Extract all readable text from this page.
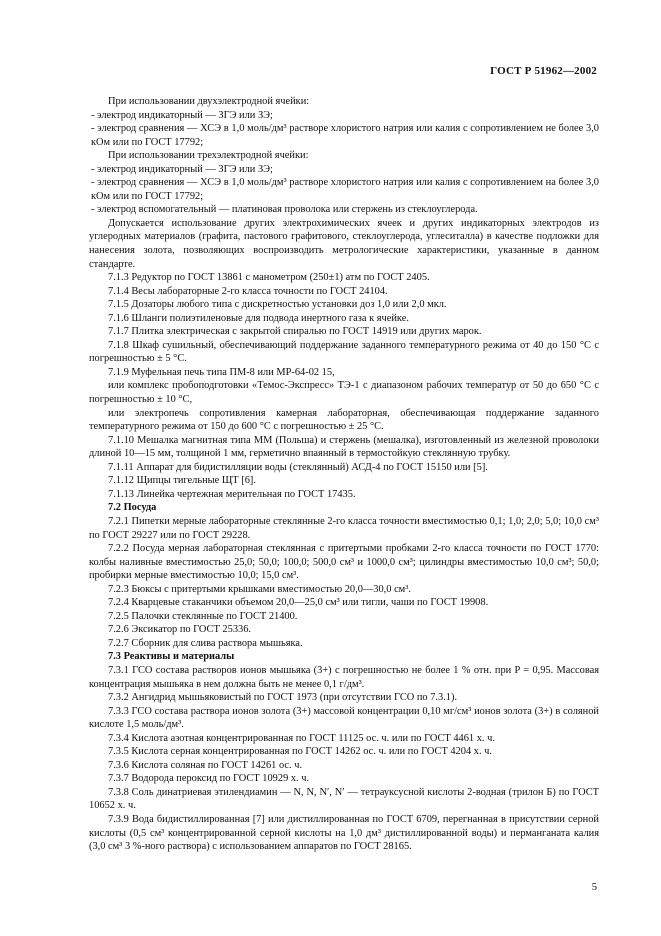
ГОСТ Р 51962—2002

При использовании двухэлектродной ячейки:

- электрод индикаторный — ЗГЭ или ЗЭ;

- электрод сравнения — ХСЭ в 1,0 моль/дм³ растворе хлористого натрия или калия с сопротивлением не более 3,0 кОм или по ГОСТ 17792;

При использовании трехэлектродной ячейки:

- электрод индикаторный — ЗГЭ или ЗЭ;

- электрод сравнения — ХСЭ в 1,0 моль/дм³ растворе хлористого натрия или калия с сопротивлением на более 3,0 кОм или по ГОСТ 17792;

- электрод вспомогательный — платиновая проволока или стержень из стеклоуглерода.

Допускается использование других электрохимических ячеек и других индикаторных электродов из углеродных материалов (графита, пастового графитового, стеклоуглерода, углеситалла) в качестве подложки для нанесения золота, позволяющих воспроизводить метрологические характеристики, указанные в данном стандарте.

7.1.3 Редуктор по ГОСТ 13861 с манометром (250±1) атм по ГОСТ 2405.

7.1.4 Весы лабораторные 2-го класса точности по ГОСТ 24104.

7.1.5 Дозаторы любого типа с дискретностью установки доз 1,0 или 2,0 мкл.

7.1.6 Шланги полиэтиленовые для подвода инертного газа к ячейке.

7.1.7 Плитка электрическая с закрытой спиралью по ГОСТ 14919 или других марок.

7.1.8 Шкаф сушильный, обеспечивающий поддержание заданного температурного режима от 40 до 150 °С с погрешностью ± 5 °С.

7.1.9 Муфельная печь типа ПМ-8 или МР-64-02 15,

или комплекс пробоподготовки «Темос-Экспресс» ТЭ-1 с диапазоном рабочих температур от 50 до 650 °С с погрешностью ± 10 °С,

или электропечь сопротивления камерная лабораторная, обеспечивающая поддержание заданного температурного режима от 150 до 600 °С с погрешностью ± 25 °С.

7.1.10 Мешалка магнитная типа ММ (Польша) и стержень (мешалка), изготовленный из железной проволоки длиной 10—15 мм, толщиной 1 мм, герметично впаянный в термостойкую стеклянную трубку.

7.1.11 Аппарат для бидистилляции воды (стеклянный) АСД-4 по ГОСТ 15150 или [5].

7.1.12 Щипцы тигельные ЩТ [6].

7.1.13 Линейка чертежная мерительная по ГОСТ 17435.

7.2 Посуда

7.2.1 Пипетки мерные лабораторные стеклянные 2-го класса точности вместимостью 0,1; 1,0; 2,0; 5,0; 10,0 см³ по ГОСТ 29227 или по ГОСТ 29228.

7.2.2 Посуда мерная лабораторная стеклянная с притертыми пробками 2-го класса точности по ГОСТ 1770: колбы наливные вместимостью 25,0; 50,0; 100,0; 500,0 см³ и 1000,0 см³; цилиндры вместимостью 10,0 см³; 50,0; пробирки мерные вместимостью 10,0; 15,0 см³.

7.2.3 Бюксы с притертыми крышками вместимостью 20,0—30,0 см³.

7.2.4 Кварцевые стаканчики объемом 20,0—25,0 см³ или тигли, чаши по ГОСТ 19908.

7.2.5 Палочки стеклянные по ГОСТ 21400.

7.2.6 Эксикатор по ГОСТ 25336.

7.2.7 Сборник для слива раствора мышьяка.

7.3 Реактивы и материалы

7.3.1 ГСО состава растворов ионов мышьяка (3+) с погрешностью не более 1 % отн. при P = 0,95. Массовая концентрация мышьяка в нем должна быть не менее 0,1 г/дм³.

7.3.2 Ангидрид мышьяковистый по ГОСТ 1973 (при отсутствии ГСО по 7.3.1).

7.3.3 ГСО состава раствора ионов золота (3+) массовой концентрации 0,10 мг/см³ ионов золота (3+) в соляной кислоте 1,5 моль/дм³.

7.3.4 Кислота азотная концентрированная по ГОСТ 11125 ос. ч. или по ГОСТ 4461 х. ч.

7.3.5 Кислота серная концентрированная по ГОСТ 14262 ос. ч. или по ГОСТ 4204 х. ч.

7.3.6 Кислота соляная по ГОСТ 14261 ос. ч.

7.3.7 Водорода пероксид по ГОСТ 10929 х. ч.

7.3.8 Соль динатриевая этилендиамин — N, N, N′, N′ — тетрауксусной кислоты 2-водная (трилон Б) по ГОСТ 10652 х. ч.

7.3.9 Вода бидистиллированная [7] или дистиллированная по ГОСТ 6709, перегнанная в присутствии серной кислоты (0,5 см³ концентрированной серной кислоты на 1,0 дм³ дистиллированной воды) и перманганата калия (3,0 см³ 3 %-ного раствора) с использованием аппаратов по ГОСТ 28165.

5
